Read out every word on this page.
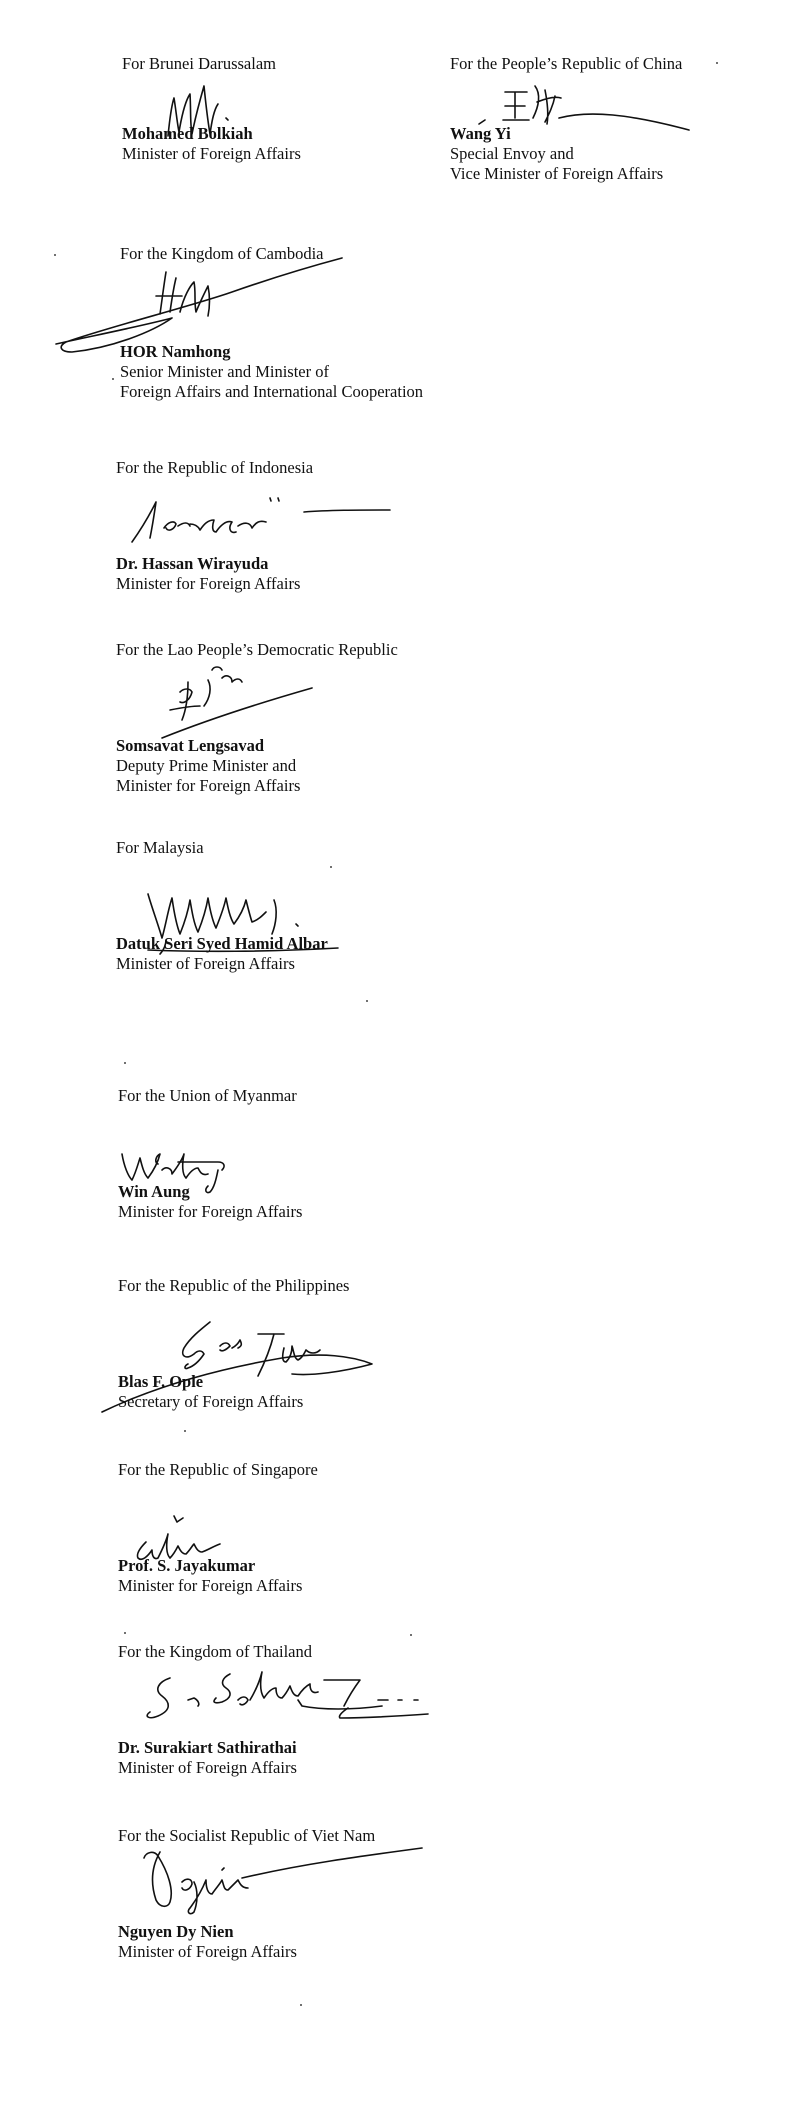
For Brunei Darussalam
Mohamed Bolkiah
Minister of Foreign Affairs
For the People’s Republic of China
Wang Yi
Special Envoy and
Vice Minister of Foreign Affairs
For the Kingdom of Cambodia
HOR Namhong
Senior Minister and Minister of
Foreign Affairs and International Cooperation
For the Republic of Indonesia
Dr. Hassan Wirayuda
Minister for Foreign Affairs
For the Lao People’s Democratic Republic
Somsavat Lengsavad
Deputy Prime Minister and
Minister for Foreign Affairs
For Malaysia
Datuk Seri Syed Hamid Albar
Minister of Foreign Affairs
For the Union of Myanmar
Win Aung
Minister for Foreign Affairs
For the Republic of the Philippines
Blas F. Ople
Secretary of Foreign Affairs
For the Republic of Singapore
Prof. S. Jayakumar
Minister for Foreign Affairs
For the Kingdom of Thailand
Dr. Surakiart Sathirathai
Minister of Foreign Affairs
For the Socialist Republic of Viet Nam
Nguyen Dy Nien
Minister of Foreign Affairs
